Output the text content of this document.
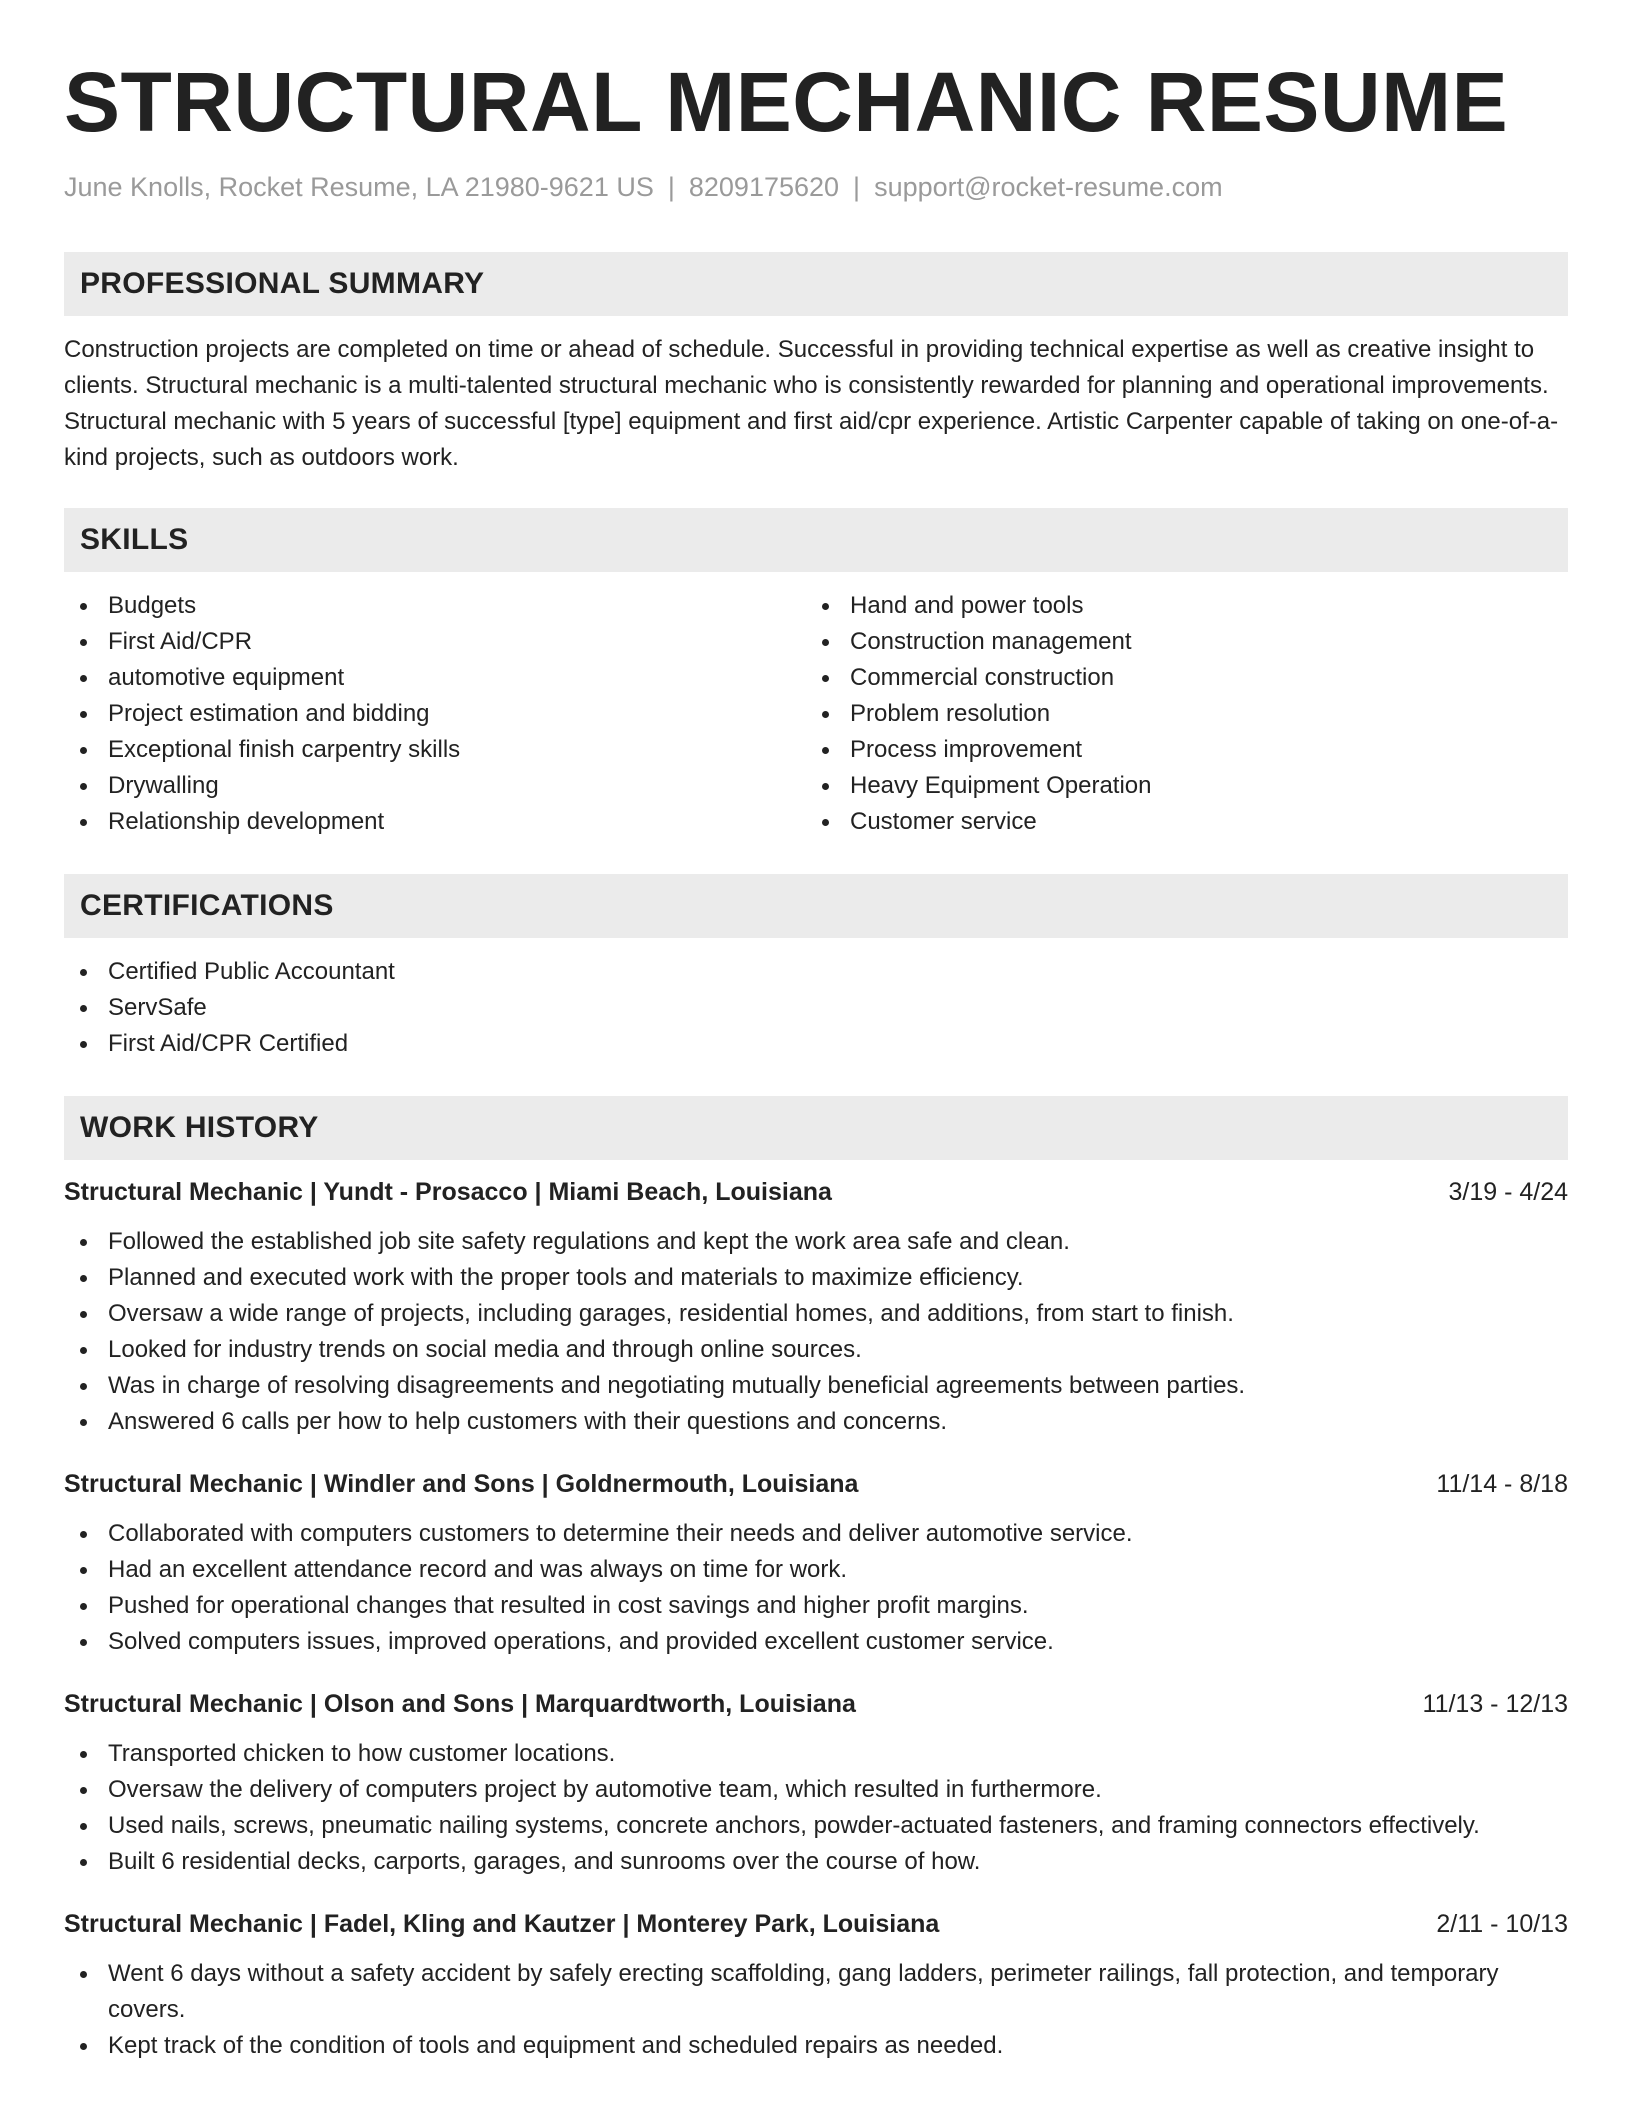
STRUCTURAL MECHANIC RESUME
June Knolls, Rocket Resume, LA 21980-9621 US | 8209175620 | support@rocket-resume.com
PROFESSIONAL SUMMARY

Construction projects are completed on time or ahead of schedule. Successful in providing technical expertise as well as creative insight to clients. Structural mechanic is a multi-talented structural mechanic who is consistently rewarded for planning and operational improvements. Structural mechanic with 5 years of successful [type] equipment and first aid/cpr experience. Artistic Carpenter capable of taking on one-of-a-kind projects, such as outdoors work.

SKILLS
Budgets
First Aid/CPR
automotive equipment
Project estimation and bidding
Exceptional finish carpentry skills
Drywalling
Relationship development
Hand and power tools
Construction management
Commercial construction
Problem resolution
Process improvement
Heavy Equipment Operation
Customer service
CERTIFICATIONS
Certified Public Accountant
ServSafe
First Aid/CPR Certified
WORK HISTORY
Structural Mechanic | Yundt - Prosacco | Miami Beach, Louisiana	3/19 - 4/24
Followed the established job site safety regulations and kept the work area safe and clean.
Planned and executed work with the proper tools and materials to maximize efficiency.
Oversaw a wide range of projects, including garages, residential homes, and additions, from start to finish.
Looked for industry trends on social media and through online sources.
Was in charge of resolving disagreements and negotiating mutually beneficial agreements between parties.
Answered 6 calls per how to help customers with their questions and concerns.
Structural Mechanic | Windler and Sons | Goldnermouth, Louisiana	11/14 - 8/18
Collaborated with computers customers to determine their needs and deliver automotive service.
Had an excellent attendance record and was always on time for work.
Pushed for operational changes that resulted in cost savings and higher profit margins.
Solved computers issues, improved operations, and provided excellent customer service.
Structural Mechanic | Olson and Sons | Marquardtworth, Louisiana	11/13 - 12/13
Transported chicken to how customer locations.
Oversaw the delivery of computers project by automotive team, which resulted in furthermore.
Used nails, screws, pneumatic nailing systems, concrete anchors, powder-actuated fasteners, and framing connectors effectively.
Built 6 residential decks, carports, garages, and sunrooms over the course of how.
Structural Mechanic | Fadel, Kling and Kautzer | Monterey Park, Louisiana	2/11 - 10/13
Went 6 days without a safety accident by safely erecting scaffolding, gang ladders, perimeter railings, fall protection, and temporary covers.
Kept track of the condition of tools and equipment and scheduled repairs as needed.
